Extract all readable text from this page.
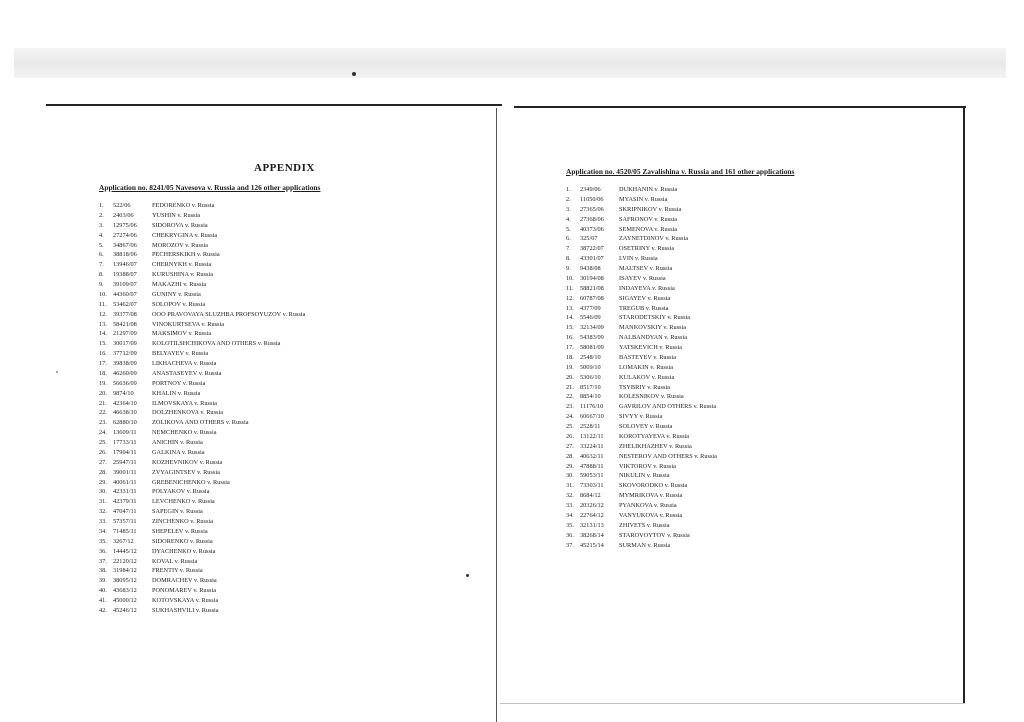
APPENDIX
Application no. 8241/05 Navesova v. Russia and 126 other applications
1. 522/06	FEDORENKO v. Russia
2. 2403/06	YUSHIN v. Russia
3. 12975/06 SIDOROVA v. Russia
4. 27274/06 CHEKRYGINA v. Russia
5. 34867/06 MOROZOV v. Russia
6. 38818/06 PECHERSKIKH v. Russia
7. 13946/07 CHERNYKH v. Russia
8. 19388/07 KURUSHINA v. Russia
9. 39109/07 MAKAZHI v. Russia
10. 44360/07 GUNINY v. Russia
11. 53462/07 SOLOPOV v. Russia
12. 39377/08 OOO PRAVOVAYA SLUZHBA PROFSOYUZOV v. Russia
13. 58421/08 VINOKURTSEVA v. Russia
14. 21297/09 MAKSIMOV v. Russia
15. 30017/09 KOLOTILSHCHIKOVA AND OTHERS v. Russia
16. 37712/09 BELYAYEV v. Russia
17. 39838/09 LIKHACHEVA v. Russia
18. 46260/09 ANASTASEYEV v. Russia
19. 56636/09 PORTNOY v. Russia
20. 9874/10	KHALIN v. Russia
21. 42364/10 ILMOVSKAYA v. Russia
22. 46638/10 DOLZHENKOVA v. Russia
23. 62880/10 ZOLIKOVA AND OTHERS v. Russia
24. 13609/11 NEMCHENKO v. Russia
25. 17733/11 ANICHIN v. Russia
26. 17904/11 GALKINA v. Russia
27. 25947/11 KOZHEVNIKOV v. Russia
28. 39001/11 ZVYAGINTSEV v. Russia
29. 40061/11 GREBENICHENKO v. Russia
30. 42331/11 POLYAKOV v. Russia
31. 42379/11 LEVCHENKO v. Russia
32. 47047/11 SAPEGIN v. Russia
33. 57357/11 ZINCHENKO v. Russia
34. 71485/11 SHEPELEV v. Russia
35. 3267/12	SIDORENKO v. Russia
36. 14445/12 DYACHENKO v. Russia
37. 22120/12 KOVAL v. Russia
38. 31984/12 FRENTIY v. Russia
39. 38095/12 DOMRACHEV v. Russia
40. 43683/12 PONOMAREV v. Russia
41. 45000/12 KOTOVSKAYA v. Russia
42. 45246/12 SUKHASHVILI v. Russia
Application no. 4520/05 Zavalishina v. Russia and 161 other applications
1. 2349/06	DUKHANIN v. Russia
2. 11050/06 MYASIN v. Russia
3. 27365/06 SKRIPNIKOV v. Russia
4. 27368/06 SAFRONOV v. Russia
5. 40373/06 SEMENOVA v. Russia
6. 325/07	ZAYNETDINOV v. Russia
7. 38722/07 OSETRINY v. Russia
8. 43301/07 LVIN v. Russia
9. 9438/08	MALTSEV v. Russia
10. 30194/08 ISAYEV v. Russia
11. 58821/08 INDAYEVA v. Russia
12. 60787/08 SIGAYEV v. Russia
13. 4377/09	TREGUB v. Russia
14. 5546/09	STARODETSKIY v. Russia
15. 32134/09 MANKOVSKIY v. Russia
16. 54383/09 NALBANDYAN v. Russia
17. 58081/09 YATSKEVICH v. Russia
18. 2548/10	BASTEYEV v. Russia
19. 5069/10	LOMAKIN v. Russia
20. 5306/10	KULAKOV v. Russia
21. 8517/10	TSYBRIY v. Russia
22. 8854/10	KOLESNIKOV v. Russia
23. 11176/10 GAVRILOV AND OTHERS v. Russia
24. 60667/10 SIVYY v. Russia
25. 2528/11	SOLOVEY v. Russia
26. 13122/11 KOROTYAYEVA v. Russia
27. 33224/11 ZHELIKHAZHEV v. Russia
28. 40632/11 NESTEROV AND OTHERS v. Russia
29. 47888/11 VIKTOROV v. Russia
30. 59053/11 NIKULIN v. Russia
31. 73303/11 SKOVORODKO v. Russia
32. 8684/12	MYMRIKOVA v. Russia
33. 20326/12 PYANKOVA v. Russia
34. 22764/12 VANYUKOVA v. Russia
35. 32131/13 ZHIVETS v. Russia
36. 38268/14 STAROVOYTOV v. Russia
37. 45215/14 SURMAN v. Russia
